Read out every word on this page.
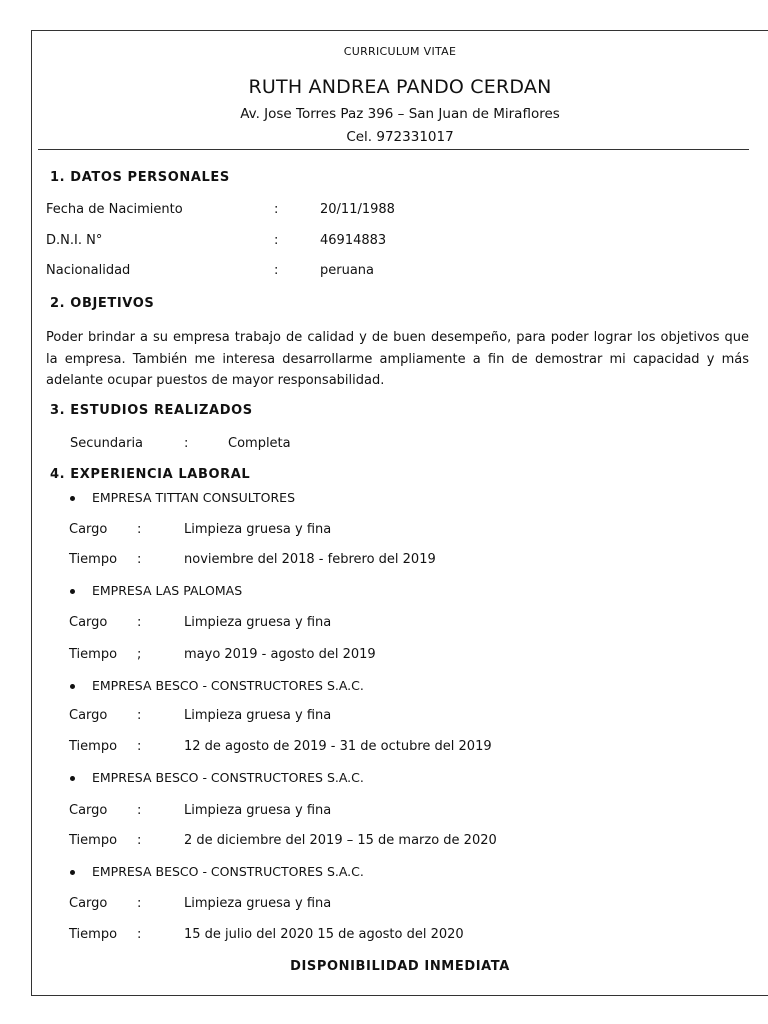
CURRICULUM VITAE
RUTH ANDREA PANDO CERDAN
Av. Jose Torres Paz 396 – San Juan de Miraflores
Cel. 972331017
1. DATOS PERSONALES
Fecha de Nacimiento	:	20/11/1988
D.N.I. N°	:	46914883
Nacionalidad	:	peruana
2. OBJETIVOS
Poder brindar a su empresa trabajo de calidad y de buen desempeño, para poder lograr los objetivos que la empresa. También me interesa desarrollarme ampliamente a fin de demostrar mi capacidad y más adelante ocupar puestos de mayor responsabilidad.
3. ESTUDIOS REALIZADOS
Secundaria	:	Completa
4. EXPERIENCIA LABORAL
EMPRESA TITTAN CONSULTORES
Cargo :	Limpieza gruesa y fina
Tiempo :	noviembre del 2018 - febrero del 2019
EMPRESA LAS PALOMAS
Cargo :	Limpieza gruesa y fina
Tiempo ;	mayo 2019 - agosto del 2019
EMPRESA BESCO - CONSTRUCTORES S.A.C.
Cargo :	Limpieza gruesa y fina
Tiempo :	12 de agosto de 2019 - 31 de octubre del 2019
EMPRESA BESCO - CONSTRUCTORES S.A.C.
Cargo :	Limpieza gruesa y fina
Tiempo :	2 de diciembre del 2019 – 15 de marzo de 2020
EMPRESA BESCO - CONSTRUCTORES S.A.C.
Cargo :	Limpieza gruesa y fina
Tiempo :	15 de julio del 2020 15 de agosto del 2020
DISPONIBILIDAD INMEDIATA
